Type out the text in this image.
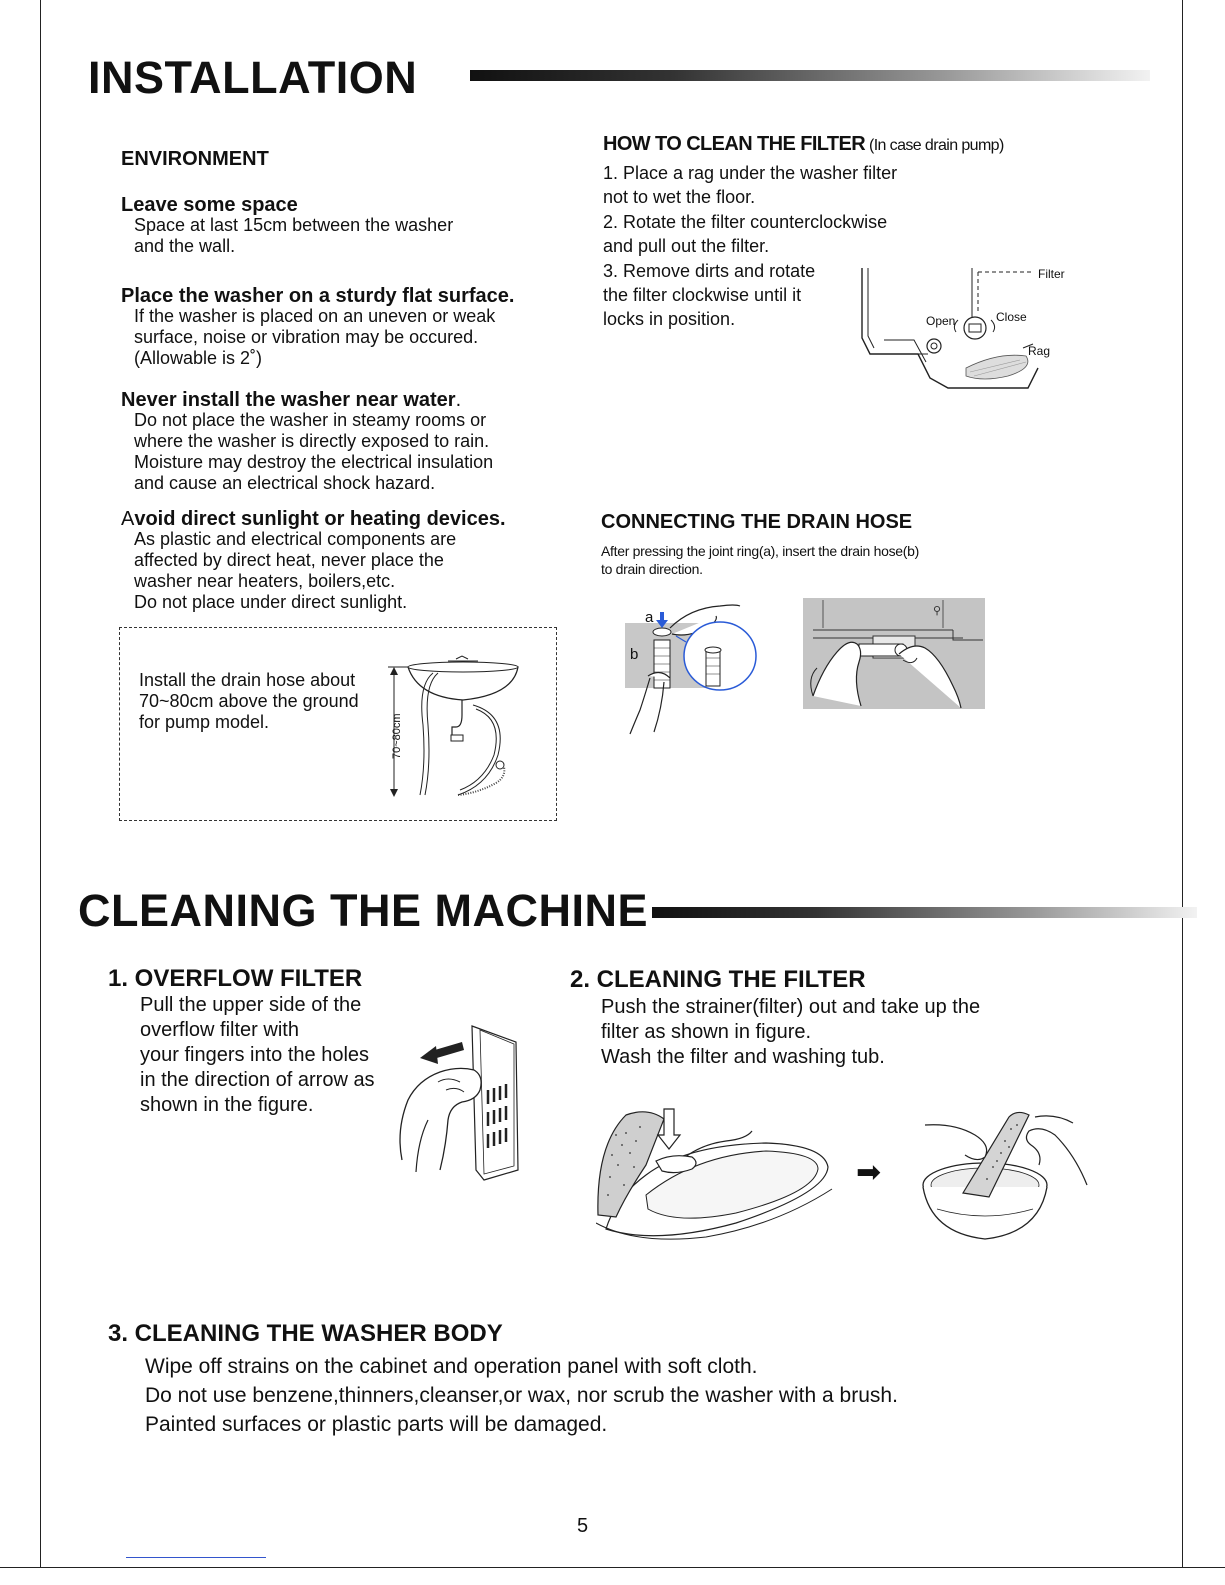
INSTALLATION
ENVIRONMENT
Leave some space
Space at last 15cm between the washer
and the wall.
Place the washer on a sturdy flat surface.
If the washer is placed on an uneven or weak
surface, noise or vibration may be occured.
(Allowable is 2˚)
Never install the washer near water.
Do not place the washer in steamy rooms or
where the washer is directly exposed to rain.
Moisture may destroy the electrical insulation
and cause an electrical shock hazard.
Avoid direct sunlight or heating devices.
As plastic and electrical components are
affected by direct heat, never place the
washer near heaters, boilers,etc.
Do not place under direct sunlight.
Install the drain hose about
70~80cm above the ground
for pump model.	70~80cm
HOW TO CLEAN THE FILTER (In case drain pump)
1. Place a rag under the washer filter
not to wet the floor.
2. Rotate the filter counterclockwise
and pull out the filter.
3. Remove dirts and rotate
the filter clockwise until it
locks in position.
Filter
Open	Close
Rag
CONNECTING THE DRAIN HOSE
After pressing the joint ring(a), insert the drain hose(b)
to drain direction.
a
b
⚲
CLEANING THE MACHINE
1. OVERFLOW FILTER
Pull the upper side of the
overflow filter with
your fingers into the holes
in the direction of arrow as
shown in the figure.
2. CLEANING THE FILTER
Push the strainer(filter) out and take up the
filter as shown in figure.
Wash the filter and washing tub.
➡
3. CLEANING THE WASHER BODY
Wipe off strains on the cabinet and operation panel with soft cloth.
Do not use benzene,thinners,cleanser,or wax, nor scrub the washer with a brush.
Painted surfaces or plastic parts will be damaged.
5
